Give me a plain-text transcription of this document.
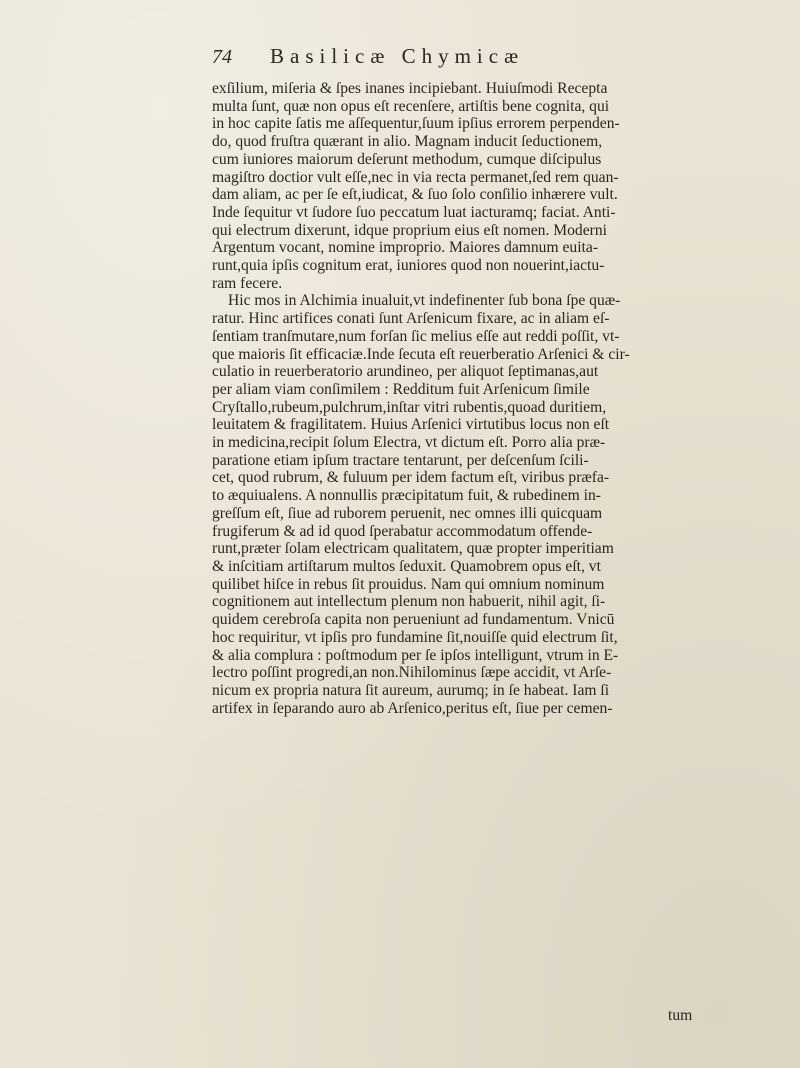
74 Basilicæ Chymicæ
exſilium, miſeria & ſpes inanes incipiebant. Huiuſmodi Recepta
multa ſunt, quæ non opus eſt recenſere, artiſtis bene cognita, qui
in hoc capite ſatis me aſſequentur,ſuum ipſius errorem perpenden-
do, quod fruſtra quærant in alio. Magnam inducit ſeductionem,
cum iuniores maiorum deſerunt methodum, cumque diſcipulus
magiſtro doctior vult eſſe,nec in via recta permanet,ſed rem quan-
dam aliam, ac per ſe eſt,iudicat, & ſuo ſolo conſilio inhærere vult.
Inde ſequitur vt ſudore ſuo peccatum luat iacturamq; faciat. Anti-
qui electrum dixerunt, idque proprium eius eſt nomen. Moderni
Argentum vocant, nomine improprio. Maiores damnum euita-
runt,quia ipſis cognitum erat, iuniores quod non nouerint,iactu-
ram fecere.
Hic mos in Alchimia inualuit,vt indefinenter ſub bona ſpe quæ-
ratur. Hinc artifices conati ſunt Arſenicum fixare, ac in aliam eſ-
ſentiam tranſmutare,num forſan ſic melius eſſe aut reddi poſſit, vt-
que maioris ſit efficaciæ.Inde ſecuta eſt reuerberatio Arſenici & cir-
culatio in reuerberatorio arundineo, per aliquot ſeptimanas,aut
per aliam viam conſimilem : Redditum fuit Arſenicum ſimile
Cryſtallo,rubeum,pulchrum,inſtar vitri rubentis,quoad duritiem,
leuitatem & fragilitatem. Huius Arſenici virtutibus locus non eſt
in medicina,recipit ſolum Electra, vt dictum eſt. Porro alia præ-
paratione etiam ipſum tractare tentarunt, per deſcenſum ſcili-
cet, quod rubrum, & fuluum per idem factum eſt, viribus præfa-
to æquiualens. A nonnullis præcipitatum fuit, & rubedinem in-
greſſum eſt, ſiue ad ruborem peruenit, nec omnes illi quicquam
frugiferum & ad id quod ſperabatur accommodatum offende-
runt,præter ſolam electricam qualitatem, quæ propter imperitiam
& inſcitiam artiſtarum multos ſeduxit. Quamobrem opus eſt, vt
quilibet hiſce in rebus ſit prouidus. Nam qui omnium nominum
cognitionem aut intellectum plenum non habuerit, nihil agit, ſi-
quidem cerebroſa capita non perueniunt ad fundamentum. Vnicū
hoc requiritur, vt ipſis pro fundamine ſit,nouiſſe quid electrum ſit,
& alia complura : poſtmodum per ſe ipſos intelligunt, vtrum in E-
lectro poſſint progredi,an non.Nihilominus ſæpe accidit, vt Arſe-
nicum ex propria natura ſit aureum, aurumq; in ſe habeat. Iam ſi
artifex in ſeparando auro ab Arſenico,peritus eſt, ſiue per cemen-
tum
